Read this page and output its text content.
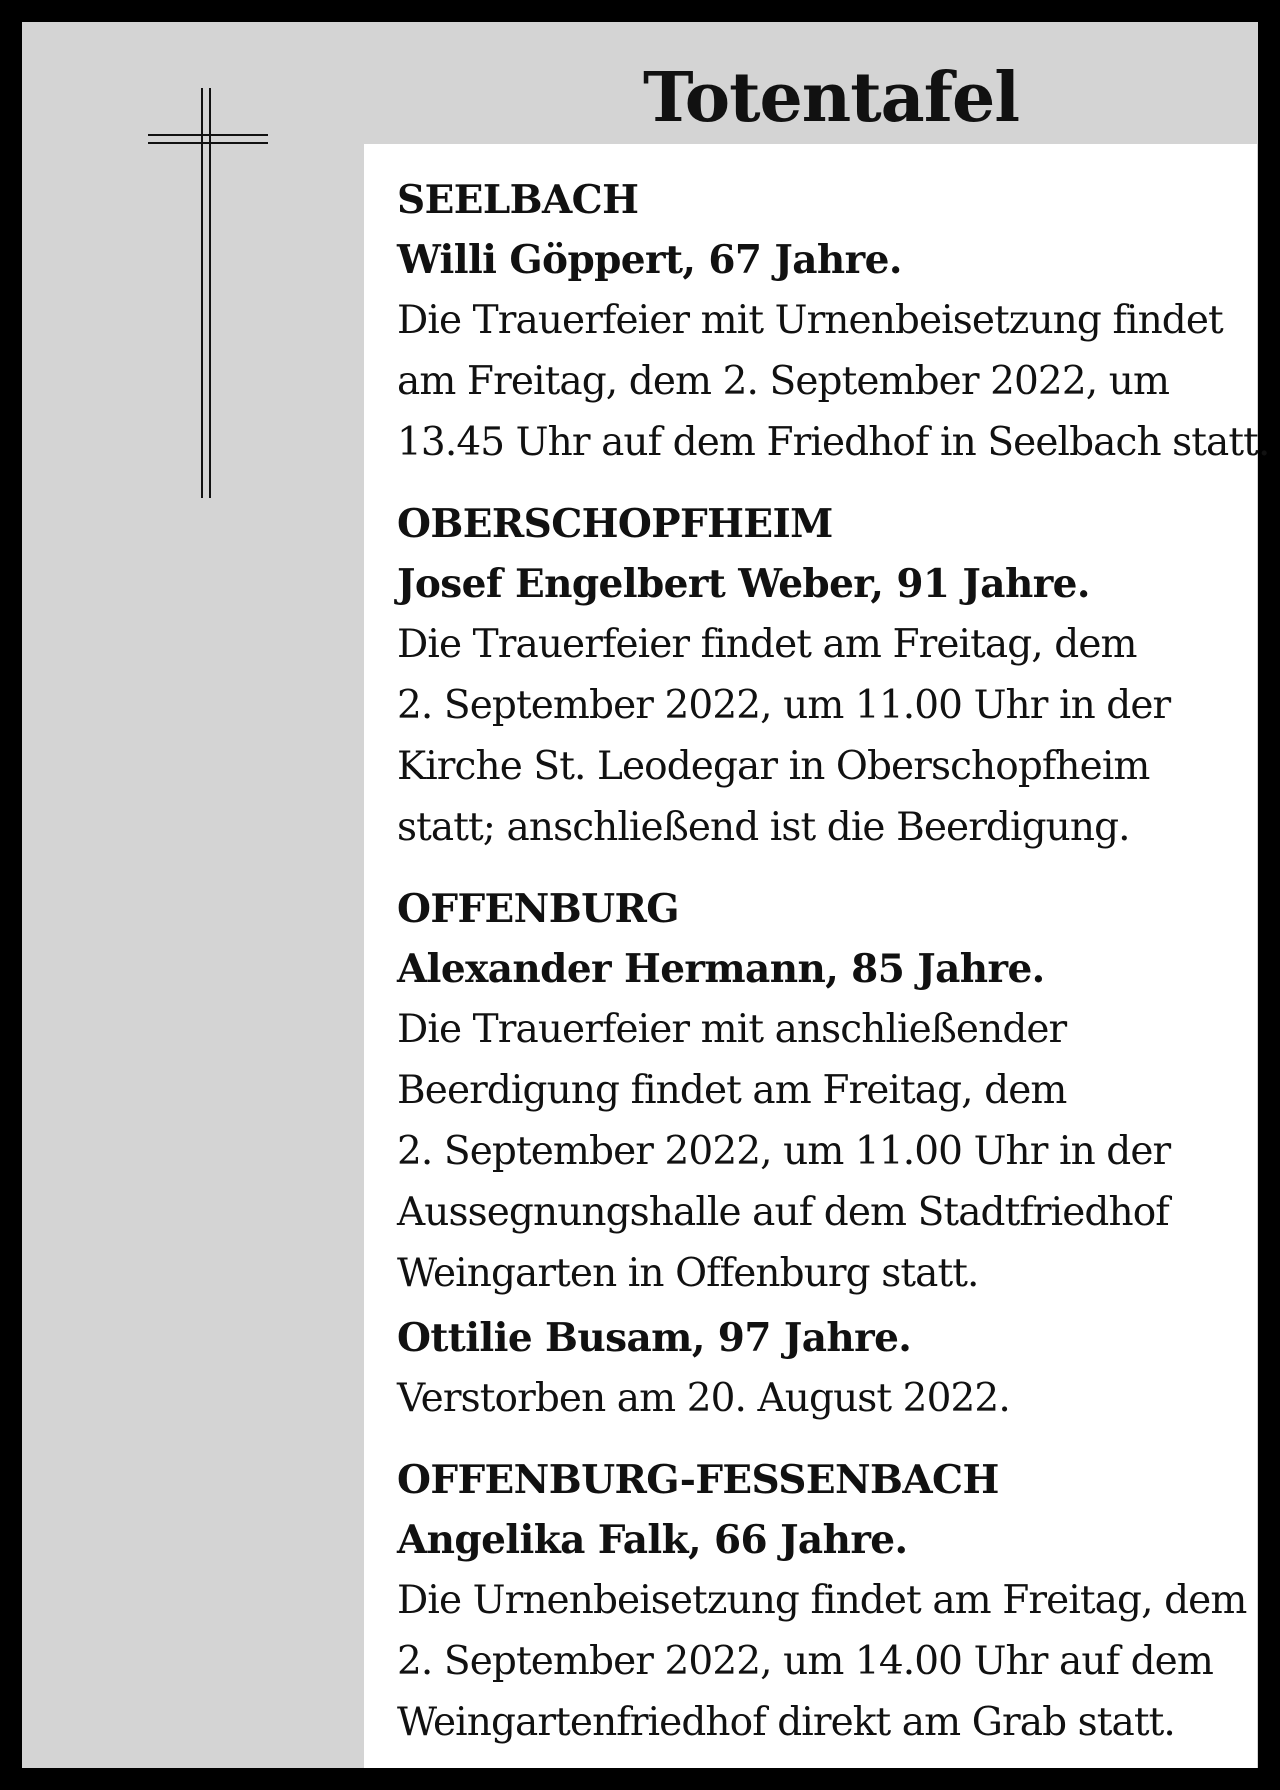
Totentafel
SEELBACH
Willi Göppert, 67 Jahre.
Die Trauerfeier mit Urnenbeisetzung findet
am Freitag, dem 2. September 2022, um
13.45 Uhr auf dem Friedhof in Seelbach statt.
OBERSCHOPFHEIM
Josef Engelbert Weber, 91 Jahre.
Die Trauerfeier findet am Freitag, dem
2. September 2022, um 11.00 Uhr in der
Kirche St. Leodegar in Oberschopfheim
statt; anschließend ist die Beerdigung.
OFFENBURG
Alexander Hermann, 85 Jahre.
Die Trauerfeier mit anschließender
Beerdigung findet am Freitag, dem
2. September 2022, um 11.00 Uhr in der
Aussegnungshalle auf dem Stadtfriedhof
Weingarten in Offenburg statt.
Ottilie Busam, 97 Jahre.
Verstorben am 20. August 2022.
OFFENBURG-FESSENBACH
Angelika Falk, 66 Jahre.
Die Urnenbeisetzung findet am Freitag, dem
2. September 2022, um 14.00 Uhr auf dem
Weingartenfriedhof direkt am Grab statt.
